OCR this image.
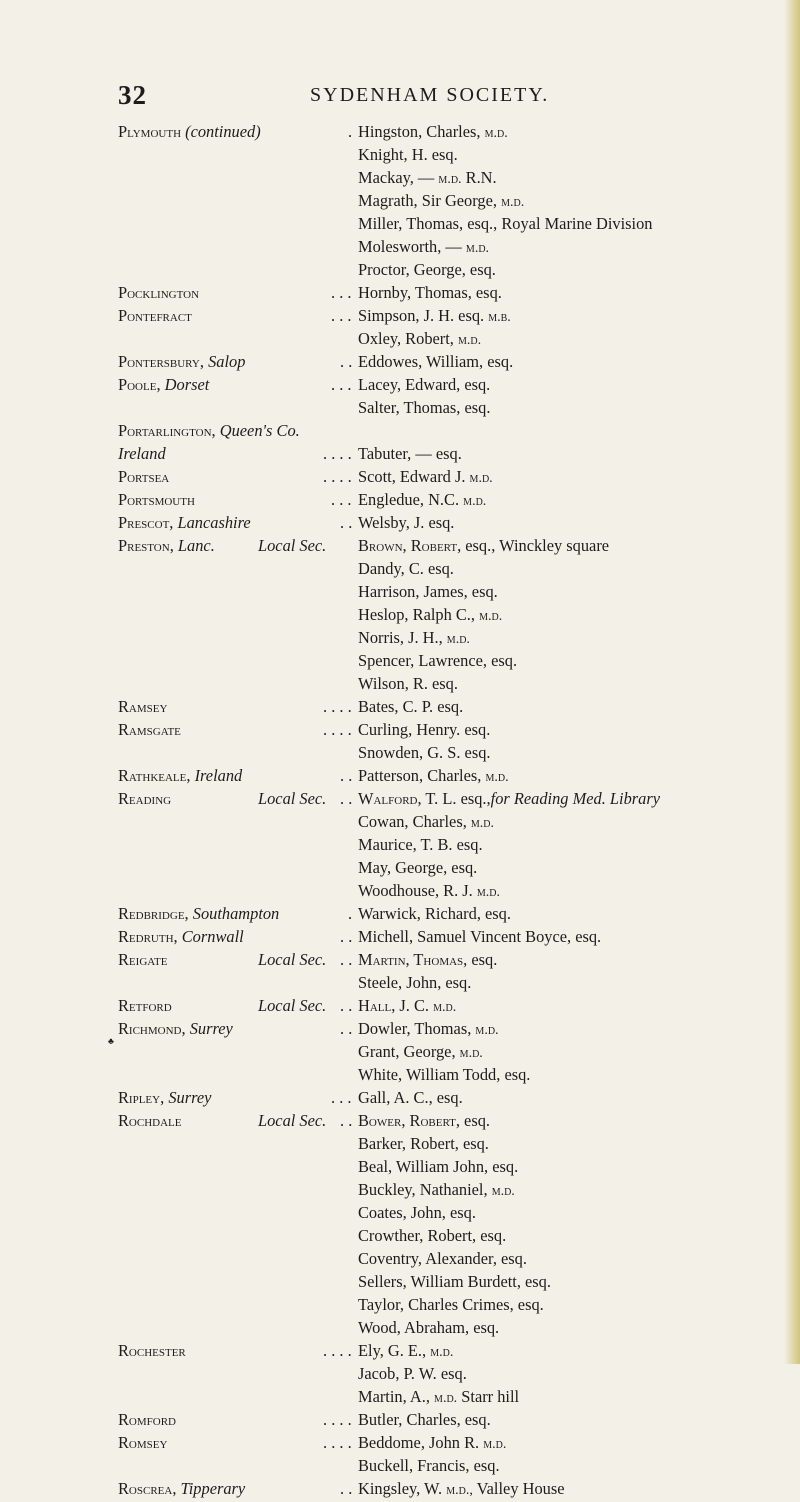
32	SYDENHAM SOCIETY.
Plymouth (continued)	. Hingston, Charles, m.d.
Knight, H. esq.
Mackay, — m.d. R.N.
Magrath, Sir George, m.d.
Miller, Thomas, esq., Royal Marine Division
Molesworth, — m.d.
Proctor, George, esq.
Pocklington	. . . Hornby, Thomas, esq.
Pontefract	. . . Simpson, J. H. esq. m.b.
Oxley, Robert, m.d.
Pontersbury, Salop	. . Eddowes, William, esq.
Poole, Dorset	. . . Lacey, Edward, esq.
Salter, Thomas, esq.
Portarlington, Queen's Co.
Ireland	. . . . Tabuter, — esq.
Portsea	. . . . Scott, Edward J. m.d.
Portsmouth	. . . Engledue, N.C. m.d.
Prescot, Lancashire	. . Welsby, J. esq.
Preston, Lanc.	Local Sec. Brown, Robert, esq., Winckley square
Dandy, C. esq.
Harrison, James, esq.
Heslop, Ralph C., m.d.
Norris, J. H., m.d.
Spencer, Lawrence, esq.
Wilson, R. esq.
Ramsey	. . . . Bates, C. P. esq.
Ramsgate	. . . . Curling, Henry. esq.
Snowden, G. S. esq.
Rathkeale, Ireland	. . Patterson, Charles, m.d.
Reading	Local Sec. . . Walford, T. L. esq.,for Reading Med. Library
Cowan, Charles, m.d.
Maurice, T. B. esq.
May, George, esq.
Woodhouse, R. J. m.d.
Redbridge, Southampton	. Warwick, Richard, esq.
Redruth, Cornwall	. . Michell, Samuel Vincent Boyce, esq.
Reigate	Local Sec. . . Martin, Thomas, esq.
Steele, John, esq.
Retford	Local Sec. . . Hall, J. C. m.d.
♣
Richmond, Surrey	. . Dowler, Thomas, m.d.
Grant, George, m.d.
White, William Todd, esq.
Ripley, Surrey	. . . Gall, A. C., esq.
Rochdale	Local Sec. . . Bower, Robert, esq.
Barker, Robert, esq.
Beal, William John, esq.
Buckley, Nathaniel, m.d.
Coates, John, esq.
Crowther, Robert, esq.
Coventry, Alexander, esq.
Sellers, William Burdett, esq.
Taylor, Charles Crimes, esq.
Wood, Abraham, esq.
Rochester	. . . . Ely, G. E., m.d.
Jacob, P. W. esq.
Martin, A., m.d. Starr hill
Romford	. . . . Butler, Charles, esq.
Romsey	. . . . Beddome, John R. m.d.
Buckell, Francis, esq.
Roscrea, Tipperary	. . Kingsley, W. m.d., Valley House
